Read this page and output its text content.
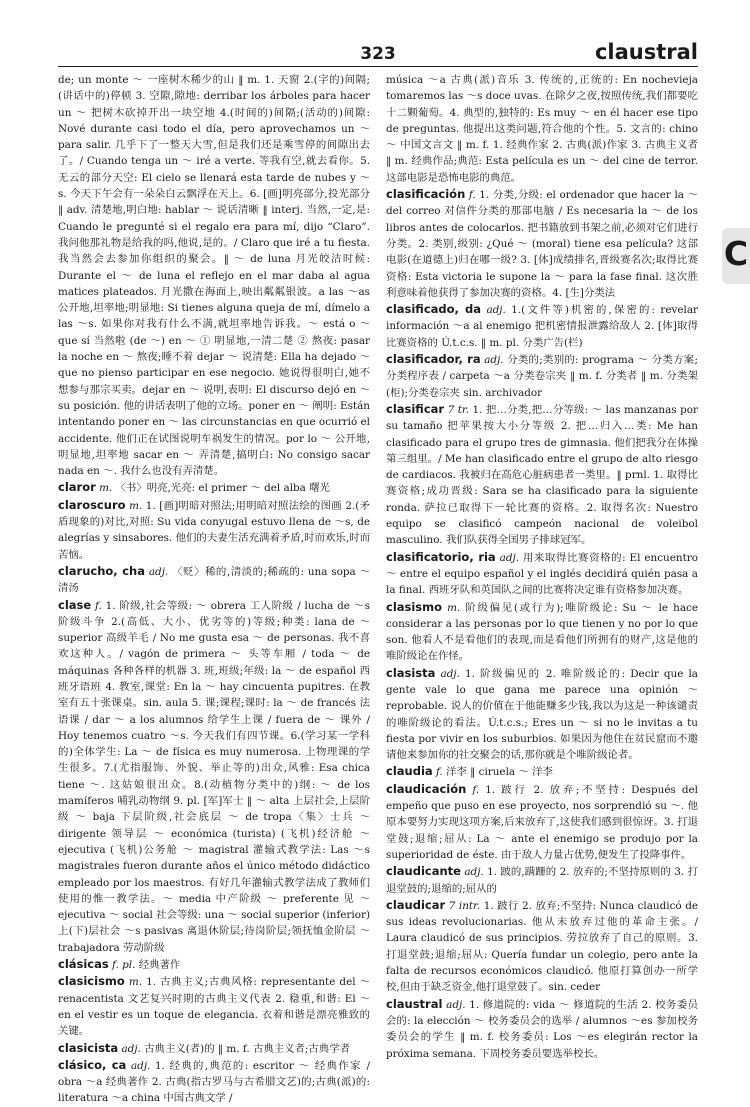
323	claustral

de; un monte ～ 一座树木稀少的山 ‖ m. 1. 天窗 2.(字的)间隔;(讲话中的)停顿 3. 空隙,隙地: derribar los árboles para hacer un ～ 把树木砍掉开出一块空地 4.(时间的)间隔;(活动的)间隙: Nové durante casi todo el día, pero aprovechamos un ～ para salir. 几乎下了一整天大雪,但是我们还是乘雪停的间隙出去了。/ Cuando tenga un ～ iré a verte. 等我有空,就去看你。5. 无云的部分天空: El cielo se llenará esta tarde de nubes y ～s. 今天下午会有一朵朵白云飘浮在天上。6. [画]明亮部分,投光部分 ‖ adv. 清楚地,明白地: hablar ～ 说话清晰 ‖ interj. 当然,一定,是: Cuando le pregunté si el regalo era para mí, dijo “Claro”. 我问他那礼物是给我的吗,他说,是的。/ Claro que iré a tu fiesta. 我当然会去参加你组织的聚会。‖ ～ de luna 月光皎洁时候: Durante el ～ de luna el reflejo en el mar daba al agua matices plateados. 月光撒在海面上,映出粼粼银波。a las ～as 公开地,坦率地;明显地: Si tienes alguna queja de mí, dímelo a las ～s. 如果你对我有什么不满,就坦率地告诉我。～ está o ～ que sí 当然啦 (de ～) en ～ ① 明显地,一清二楚 ② 熬夜: pasar la noche en ～ 熬夜;睡不着 dejar ～ 说清楚: Ella ha dejado ～ que no pienso participar en ese negocio. 她说得很明白,她不想参与那宗买卖。dejar en ～ 说明,表明: El discurso dejó en ～ su posición. 他的讲话表明了他的立场。poner en ～ 阐明: Están intentando poner en ～ las circunstancias en que ocurrió el accidente. 他们正在试图说明车祸发生的情况。por lo ～ 公开地,明显地,坦率地 sacar en ～ 弄清楚,搞明白: No consigo sacar nada en ～. 我什么也没有弄清楚。

claror m. 〈书〉明亮,光亮: el primer ～ del alba 曙光

claroscuro m. 1. [画]明暗对照法;用明暗对照法绘的图画 2.(矛盾现象的)对比,对照: Su vida conyugal estuvo llena de ～s, de alegrías y sinsabores. 他们的夫妻生活充满着矛盾,时而欢乐,时而苦恼。

clarucho, cha adj. 〈贬〉稀的,清淡的;稀疏的: una sopa ～ 清汤

clase f. 1. 阶级,社会等级: ～ obrera 工人阶级 / lucha de ～s 阶级斗争 2.(高低、大小、优劣等的)等级;种类: lana de ～ superior 高级羊毛 / No me gusta esa ～ de personas. 我不喜欢这种人。/ vagón de primera ～ 头等车厢 / toda ～ de máquinas 各种各样的机器 3. 班,班级;年级: la ～ de español 西班牙语班 4. 教室,课堂: En la ～ hay cincuenta pupitres. 在教室有五十张课桌。sin. aula 5. 课;课程;课时: la ～ de francés 法语课 / dar ～ a los alumnos 给学生上课 / fuera de ～ 课外 / Hoy tenemos cuatro ～s. 今天我们有四节课。6.(学习某一学科的)全体学生: La ～ de física es muy numerosa. 上物理课的学生很多。7.(尤指服饰、外貌、举止等的)出众,风雅: Esa chica tiene ～. 这姑娘很出众。8.(动植物分类中的)纲: ～ de los mamíferos 哺乳动物纲 9. pl. [军]军士 ‖ ～ alta 上层社会,上层阶级 ～ baja 下层阶级,社会底层 ～ de tropa〈集〉士兵 ～ dirigente 领导层 ～ económica (turista) (飞机)经济舱 ～ ejecutiva (飞机)公务舱 ～ magistral 灌输式教学法: Las ～s magistrales fueron durante años el único método didáctico empleado por los maestros. 有好几年灌输式教学法成了教师们使用的惟一教学法。～ media 中产阶级 ～ preferente 见 ～ejecutiva ～ social 社会等级: una ～ social superior (inferior) 上(下)层社会 ～s pasivas 离退休阶层;待岗阶层;领抚恤金阶层 ～ trabajadora 劳动阶级

clásicas f. pl. 经典著作

clasicismo m. 1. 古典主义;古典风格: representante del ～ renacentista 文艺复兴时期的古典主义代表 2. 稳重,和谐: El ～ en el vestir es un toque de elegancia. 衣着和谐是漂亮雅致的关键。

clasicista adj. 古典主义(者)的 ‖ m. f. 古典主义者;古典学者

clásico, ca adj. 1. 经典的,典范的: escritor ～ 经典作家 / obra ～a 经典著作 2. 古典(指古罗马与古希腊文艺)的;古典(派)的: literatura ～a china 中国古典文学 /

música ～a 古典(派)音乐 3. 传统的,正统的: En nochevieja tomaremos las ～s doce uvas. 在除夕之夜,按照传统,我们都要吃十二颗葡萄。4. 典型的,独特的: Es muy ～ en él hacer ese tipo de preguntas. 他提出这类问题,符合他的个性。5. 文言的: chino ～ 中国文言文 ‖ m. f. 1. 经典作家 2. 古典(派)作家 3. 古典主义者 ‖ m. 经典作品;典范: Esta película es un ～ del cine de terror. 这部电影是恐怖电影的典范。

clasificación f. 1. 分类,分级: el ordenador que hacer la ～ del correo 对信件分类的那部电脑 / Es necesaria la ～ de los libros antes de colocarlos. 把书籍放到书架之前,必须对它们进行分类。2. 类别,级别: ¿Qué ～ (moral) tiene esa película? 这部电影(在道德上)归在哪一级? 3. [体]成绩排名,晋级赛名次;取得比赛资格: Esta victoria le supone la ～ para la fase final. 这次胜利意味着他获得了参加决赛的资格。4. [生]分类法

clasificado, da adj. 1.(文件等)机密的,保密的: revelar información ～a al enemigo 把机密情报泄露给敌人 2. [体]取得比赛资格的 Ú.t.c.s. ‖ m. pl. 分类广告(栏)

clasificador, ra adj. 分类的;类别的: programa ～ 分类方案;分类程序表 / carpeta ～a 分类卷宗夹 ‖ m. f. 分类者 ‖ m. 分类架(柜);分类卷宗夹 sin. archivador

clasificar 7 tr. 1. 把…分类,把…分等级: ～ las manzanas por su tamaño 把苹果按大小分等级 2. 把…归入…类: Me han clasificado para el grupo tres de gimnasia. 他们把我分在体操第三组里。/ Me han clasificado entre el grupo de alto riesgo de cardiacos. 我被归在高危心脏病患者一类里。‖ prnl. 1. 取得比赛资格;成功晋级: Sara se ha clasificado para la siguiente ronda. 萨拉已取得下一轮比赛的资格。2. 取得名次: Nuestro equipo se clasificó campeón nacional de voleibol masculino. 我们队获得全国男子排球冠军。

clasificatorio, ria adj. 用来取得比赛资格的: El encuentro ～ entre el equipo español y el inglés decidirá quién pasa a la final. 西班牙队和英国队之间的比赛将决定谁有资格参加决赛。

clasismo m. 阶级偏见(或行为);唯阶级论: Su ～ le hace considerar a las personas por lo que tienen y no por lo que son. 他看人不是看他们的表现,而是看他们所拥有的财产,这是他的唯阶级论在作怪。

clasista adj. 1. 阶级偏见的 2. 唯阶级论的: Decir que la gente vale lo que gana me parece una opinión ～ reprobable. 说人的价值在于他能赚多少钱,我以为这是一种该谴责的唯阶级论的看法。Ú.t.c.s.; Eres un ～ si no le invitas a tu fiesta por vivir en los suburbios. 如果因为他住在贫民窟而不邀请他来参加你的社交聚会的话,那你就是个唯阶级论者。

claudia f. 洋李 ‖ ciruela ～ 洋李

claudicación f. 1. 跛行 2. 放弃;不坚持: Después del empeño que puso en ese proyecto, nos sorprendió su ～. 他原本要努力实现这项方案,后来放弃了,这使我们感到很惊讶。3. 打退堂鼓;退缩;屈从: La ～ ante el enemigo se produjo por la superioridad de éste. 由于敌人力量占优势,便发生了投降事件。

claudicante adj. 1. 跛的,蹒跚的 2. 放弃的;不坚持原则的 3. 打退堂鼓的;退缩的;屈从的

claudicar 7 intr. 1. 跛行 2. 放弃;不坚持: Nunca claudicó de sus ideas revolucionarias. 他从未放弃过他的革命主张。/ Laura claudicó de sus principios. 劳拉放弃了自己的原则。3. 打退堂鼓;退缩;屈从: Quería fundar un colegio, pero ante la falta de recursos económicos claudicó. 他原打算创办一所学校,但由于缺乏资金,他打退堂鼓了。sin. ceder

claustral adj. 1. 修道院的: vida ～ 修道院的生活 2. 校务委员会的: la elección ～ 校务委员会的选举 / alumnos ～es 参加校务委员会的学生 ‖ m. f. 校务委员: Los ～es elegirán rector la próxima semana. 下周校务委员要选举校长。

C
